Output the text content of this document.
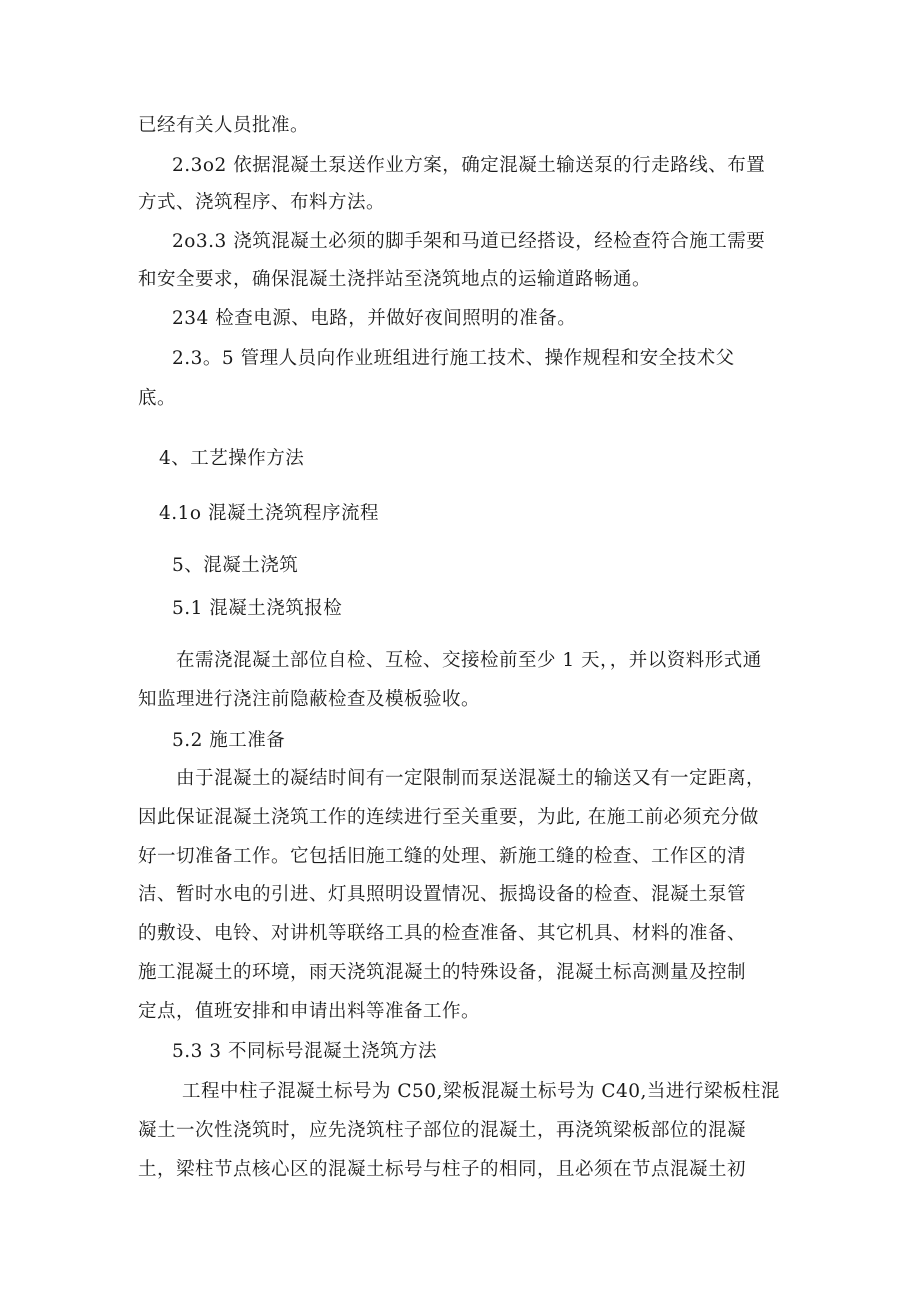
已经有关人员批准。
2.3o2 依据混凝土泵送作业方案，确定混凝土输送泵的行走路线、布置
方式、浇筑程序、布料方法。
2o3.3 浇筑混凝土必须的脚手架和马道已经搭设，经检查符合施工需要
和安全要求，确保混凝土浇拌站至浇筑地点的运输道路畅通。
234 检查电源、电路，并做好夜间照明的准备。
2.3。5 管理人员向作业班组进行施工技术、操作规程和安全技术父
底。
4、工艺操作方法
4.1o 混凝土浇筑程序流程
5、混凝土浇筑
5.1 混凝土浇筑报检
在需浇混凝土部位自检、互检、交接检前至少 1 天，，并以资料形式通
知监理进行浇注前隐蔽检查及模板验收。
5.2 施工准备
由于混凝土的凝结时间有一定限制而泵送混凝土的输送又有一定距离，
因此保证混凝土浇筑工作的连续进行至关重要，为此, 在施工前必须充分做
好一切准备工作。它包括旧施工缝的处理、新施工缝的检查、工作区的清
洁、暂时水电的引进、灯具照明设置情况、振捣设备的检查、混凝土泵管
的敷设、电铃、对讲机等联络工具的检查准备、其它机具、材料的准备、
施工混凝土的环境，雨天浇筑混凝土的特殊设备，混凝土标高测量及控制
定点，值班安排和申请出料等准备工作。
5.3 3 不同标号混凝土浇筑方法
工程中柱子混凝土标号为 C50,梁板混凝土标号为 C40,当进行梁板柱混
凝土一次性浇筑时，应先浇筑柱子部位的混凝土，再浇筑梁板部位的混凝
土，梁柱节点核心区的混凝土标号与柱子的相同，且必须在节点混凝土初
